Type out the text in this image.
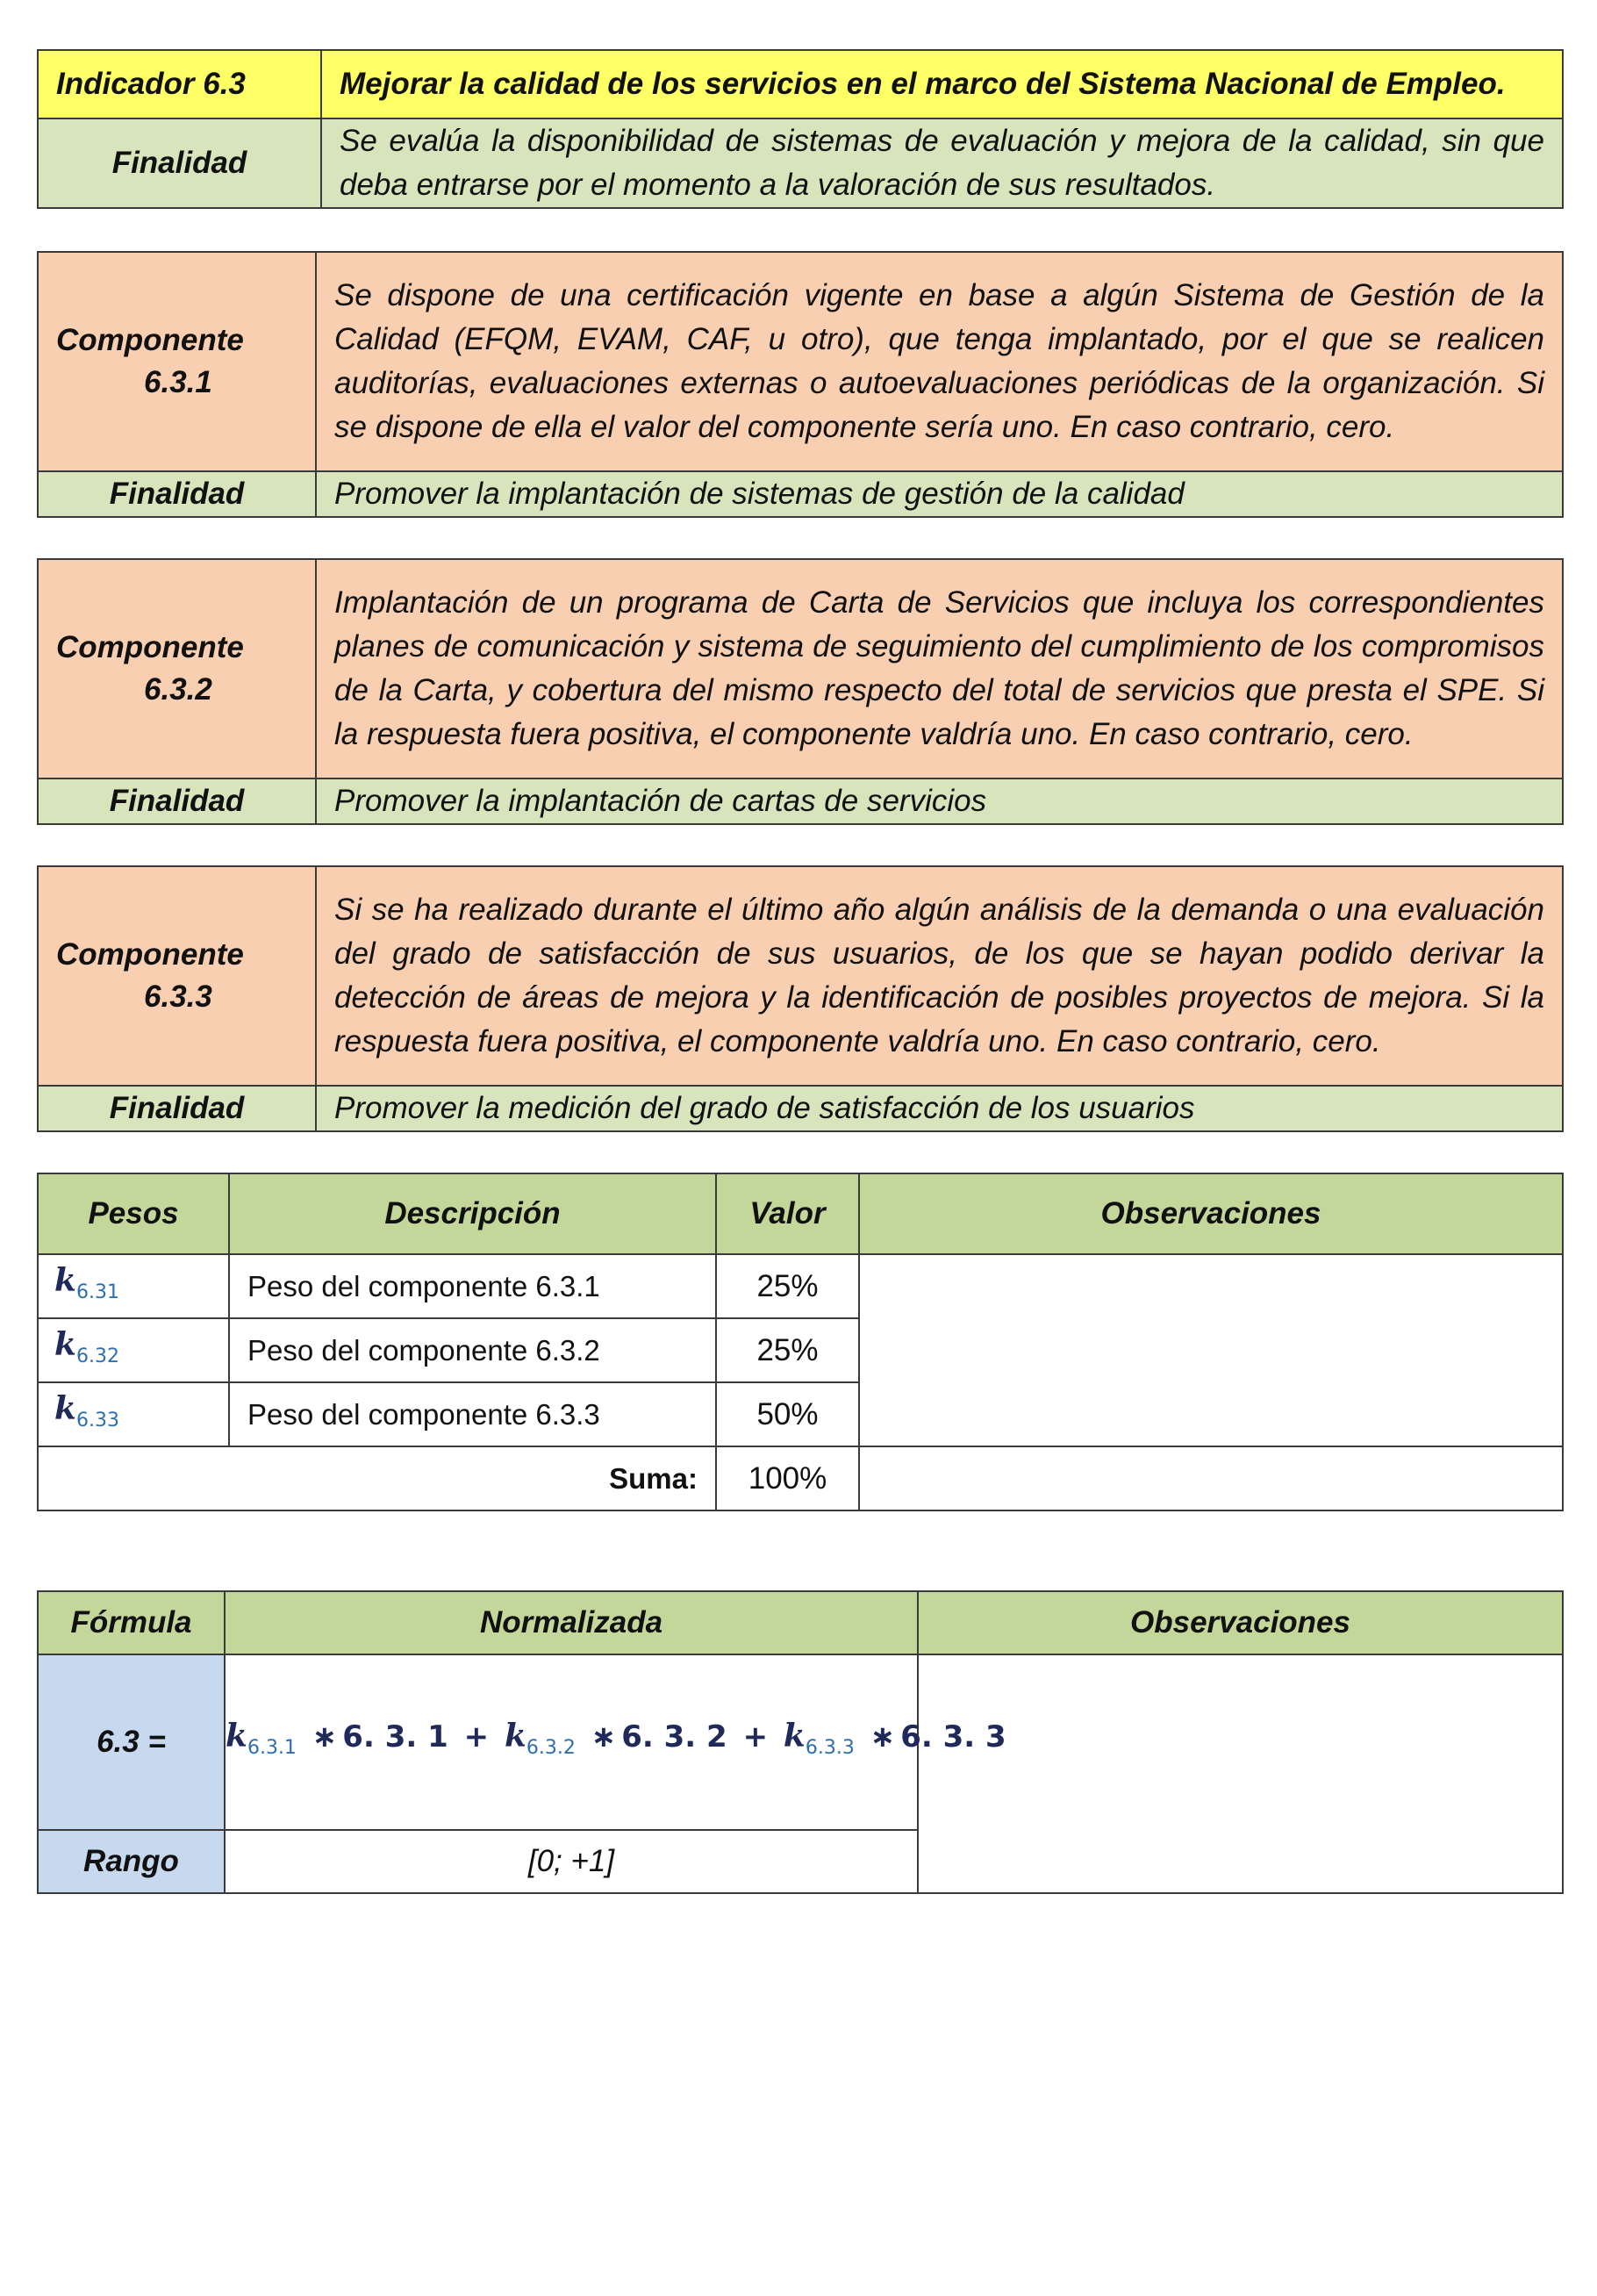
Indicador 6.3	Mejorar la calidad de los servicios en el marco del Sistema Nacional de Empleo.
Finalidad	Se evalúa la disponibilidad de sistemas de evaluación y mejora de la calidad, sin que deba entrarse por el momento a la valoración de sus resultados.
Componente
6.3.1	Se dispone de una certificación vigente en base a algún Sistema de Gestión de la Calidad (EFQM, EVAM, CAF, u otro), que tenga implantado, por el que se realicen auditorías, evaluaciones externas o autoevaluaciones periódicas de la organización. Si se dispone de ella el valor del componente sería uno. En caso contrario, cero.
Finalidad	Promover la implantación de sistemas de gestión de la calidad
Componente
6.3.2	Implantación de un programa de Carta de Servicios que incluya los correspondientes planes de comunicación y sistema de seguimiento del cumplimiento de los compromisos de la Carta, y cobertura del mismo respecto del total de servicios que presta el SPE. Si la respuesta fuera positiva, el componente valdría uno. En caso contrario, cero.
Finalidad	Promover la implantación de cartas de servicios
Componente
6.3.3	Si se ha realizado durante el último año algún análisis de la demanda o una evaluación del grado de satisfacción de sus usuarios, de los que se hayan podido derivar la detección de áreas de mejora y la identificación de posibles proyectos de mejora. Si la respuesta fuera positiva, el componente valdría uno. En caso contrario, cero.
Finalidad	Promover la medición del grado de satisfacción de los usuarios
Pesos	Descripción	Valor	Observaciones
$k_{6.31}$	Peso del componente 6.3.1	25%	
$k_{6.32}$	Peso del componente 6.3.2	25%	
$k_{6.33}$	Peso del componente 6.3.3	50%	
Suma:		100%	
Fórmula	Normalizada	Observaciones
6.3 =	$k_{6.3.1}$ ∗ 6. 3. $1 + k_{6.3.2}$ ∗ 6. 3. $2 + k_{6.3.3}$ ∗ 6. 3. 3	
Rango	[0; +1]	
